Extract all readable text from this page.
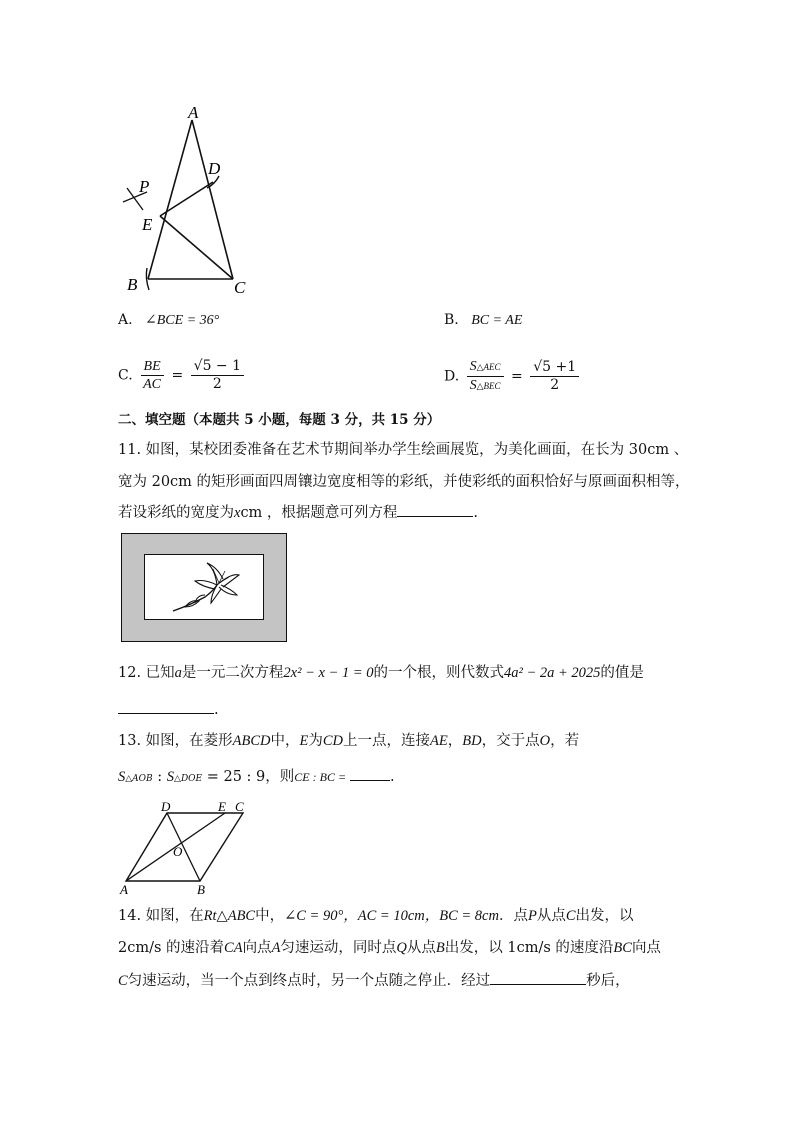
A
D
P
E
B	C
A. ∠BCE = 36°	B. BC = AE
C. $\frac{BE}{AC} = \frac{√5 - 1}{2}$	D. $\frac{\text{S△AEC}}{\text{S△BEC}} = \frac{√5 +1}{2}$
二、填空题（本题共 5 小题，每题 3 分，共 15 分）
11. 如图，某校团委准备在艺术节期间举办学生绘画展览，为美化画面，在长为 30cm 、
宽为 20cm 的矩形画面四周镶边宽度相等的彩纸，并使彩纸的面积恰好与原画面积相等，
若设彩纸的宽度为xcm ，根据题意可列方程	.
12. 已知a是一元二次方程2x² − x − 1 = 0的一个根，则代数式4a² − 2a + 2025的值是
.
13. 如图，在菱形ABCD中，E为CD上一点，连接AE，BD，交于点O，若
S△AOB : S△DOE = 25 : 9，则CE : BC =	.
D	E C
O
A	B
14. 如图，在Rt△ABC中，∠C = 90°，AC = 10cm，BC = 8cm．点P从点C出发，以
2cm/s 的速沿着CA向点A匀速运动，同时点Q从点B出发，以 1cm/s 的速度沿BC向点
C匀速运动，当一个点到终点时，另一个点随之停止．经过	秒后，
